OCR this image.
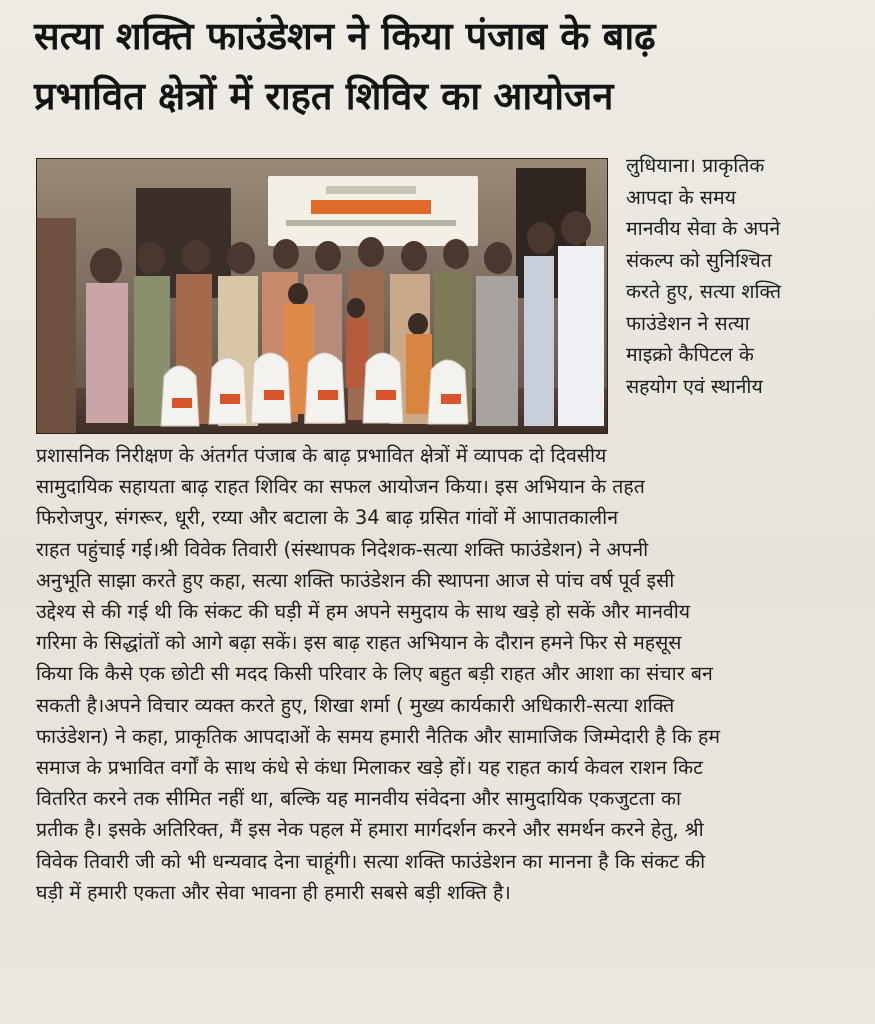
सत्या शक्ति फाउंडेशन ने किया पंजाब के बाढ़
प्रभावित क्षेत्रों में राहत शिविर का आयोजन

लुधियाना। प्राकृतिक

आपदा के समय

मानवीय सेवा के अपने

संकल्प को सुनिश्चित

करते हुए, सत्या शक्ति

फाउंडेशन ने सत्या

माइक्रो कैपिटल के

सहयोग एवं स्थानीय

प्रशासनिक निरीक्षण के अंतर्गत पंजाब के बाढ़ प्रभावित क्षेत्रों में व्यापक दो दिवसीय

सामुदायिक सहायता बाढ़ राहत शिविर का सफल आयोजन किया। इस अभियान के तहत

फिरोजपुर, संगरूर, धूरी, रय्या और बटाला के 34 बाढ़ ग्रसित गांवों में आपातकालीन

राहत पहुंचाई गई।श्री विवेक तिवारी (संस्थापक निदेशक-सत्या शक्ति फाउंडेशन) ने अपनी

अनुभूति साझा करते हुए कहा, सत्या शक्ति फाउंडेशन की स्थापना आज से पांच वर्ष पूर्व इसी

उद्देश्य से की गई थी कि संकट की घड़ी में हम अपने समुदाय के साथ खड़े हो सकें और मानवीय

गरिमा के सिद्धांतों को आगे बढ़ा सकें। इस बाढ़ राहत अभियान के दौरान हमने फिर से महसूस

किया कि कैसे एक छोटी सी मदद किसी परिवार के लिए बहुत बड़ी राहत और आशा का संचार बन

सकती है।अपने विचार व्यक्त करते हुए, शिखा शर्मा ( मुख्य कार्यकारी अधिकारी-सत्या शक्ति

फाउंडेशन) ने कहा, प्राकृतिक आपदाओं के समय हमारी नैतिक और सामाजिक जिम्मेदारी है कि हम

समाज के प्रभावित वर्गों के साथ कंधे से कंधा मिलाकर खड़े हों। यह राहत कार्य केवल राशन किट

वितरित करने तक सीमित नहीं था, बल्कि यह मानवीय संवेदना और सामुदायिक एकजुटता का

प्रतीक है। इसके अतिरिक्त, मैं इस नेक पहल में हमारा मार्गदर्शन करने और समर्थन करने हेतु, श्री

विवेक तिवारी जी को भी धन्यवाद देना चाहूंगी। सत्या शक्ति फाउंडेशन का मानना है कि संकट की

घड़ी में हमारी एकता और सेवा भावना ही हमारी सबसे बड़ी शक्ति है।
